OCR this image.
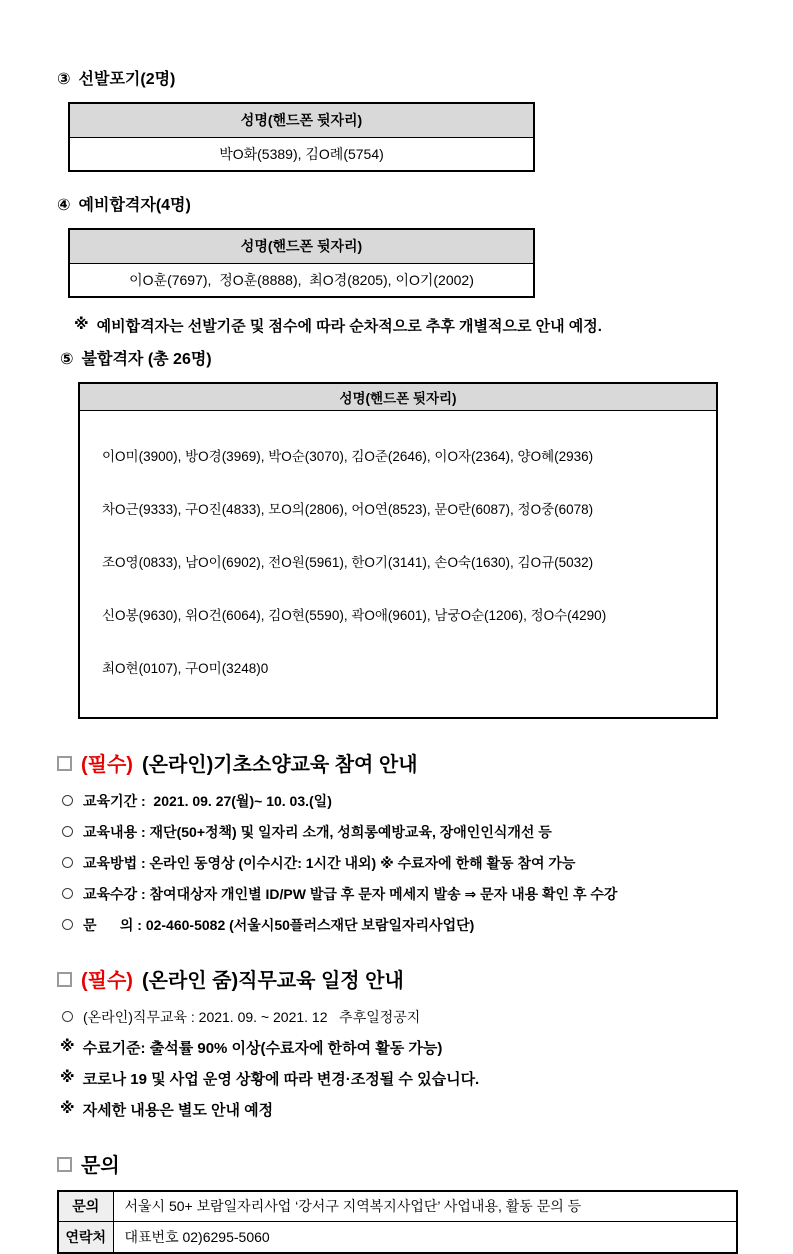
③ 선발포기(2명)
성명(핸드폰 뒷자리)
박O화(5389), 김O례(5754)
④ 예비합격자(4명)
성명(핸드폰 뒷자리)
이O훈(7697),  정O훈(8888),  최O경(8205), 이O기(2002)
※ 예비합격자는 선발기준 및 점수에 따라 순차적으로 추후 개별적으로 안내 예정.
⑤ 불합격자 (총 26명)
성명(핸드폰 뒷자리)

이O미(3900), 방O경(3969), 박O순(3070), 김O준(2646), 이O자(2364), 양O혜(2936)

차O근(9333), 구O진(4833), 모O의(2806), 어O연(8523), 문O란(6087), 정O중(6078)

조O영(0833), 남O이(6902), 전O원(5961), 한O기(3141), 손O숙(1630), 김O규(5032)

신O봉(9630), 위O건(6064), 김O현(5590), 곽O애(9601), 남궁O순(1206), 정O수(4290)

최O현(0107), 구O미(3248)0

(필수) (온라인)기초소양교육 참여 안내
교육기간 :  2021. 09. 27(월)~ 10. 03.(일)
교육내용 : 재단(50+정책) 및 일자리 소개, 성희롱예방교육, 장애인인식개선 등
교육방법 : 온라인 동영상 (이수시간: 1시간 내외) ※ 수료자에 한해 활동 참여 가능
교육수강 : 참여대상자 개인별 ID/PW 발급 후 문자 메세지 발송 ⇒ 문자 내용 확인 후 수강
문      의 : 02-460-5082 (서울시50플러스재단 보람일자리사업단)
(필수) (온라인 줌)직무교육 일정 안내
(온라인)직무교육 : 2021. 09. ~ 2021. 12   추후일정공지
※ 수료기준: 출석률 90% 이상(수료자에 한하여 활동 가능)
※ 코로나 19 및 사업 운영 상황에 따라 변경·조정될 수 있습니다.
※ 자세한 내용은 별도 안내 예정
문의
문의	서울시 50+ 보람일자리사업 ‘강서구 지역복지사업단’ 사업내용, 활동 문의 등
연락처	대표번호 02)6295-5060
